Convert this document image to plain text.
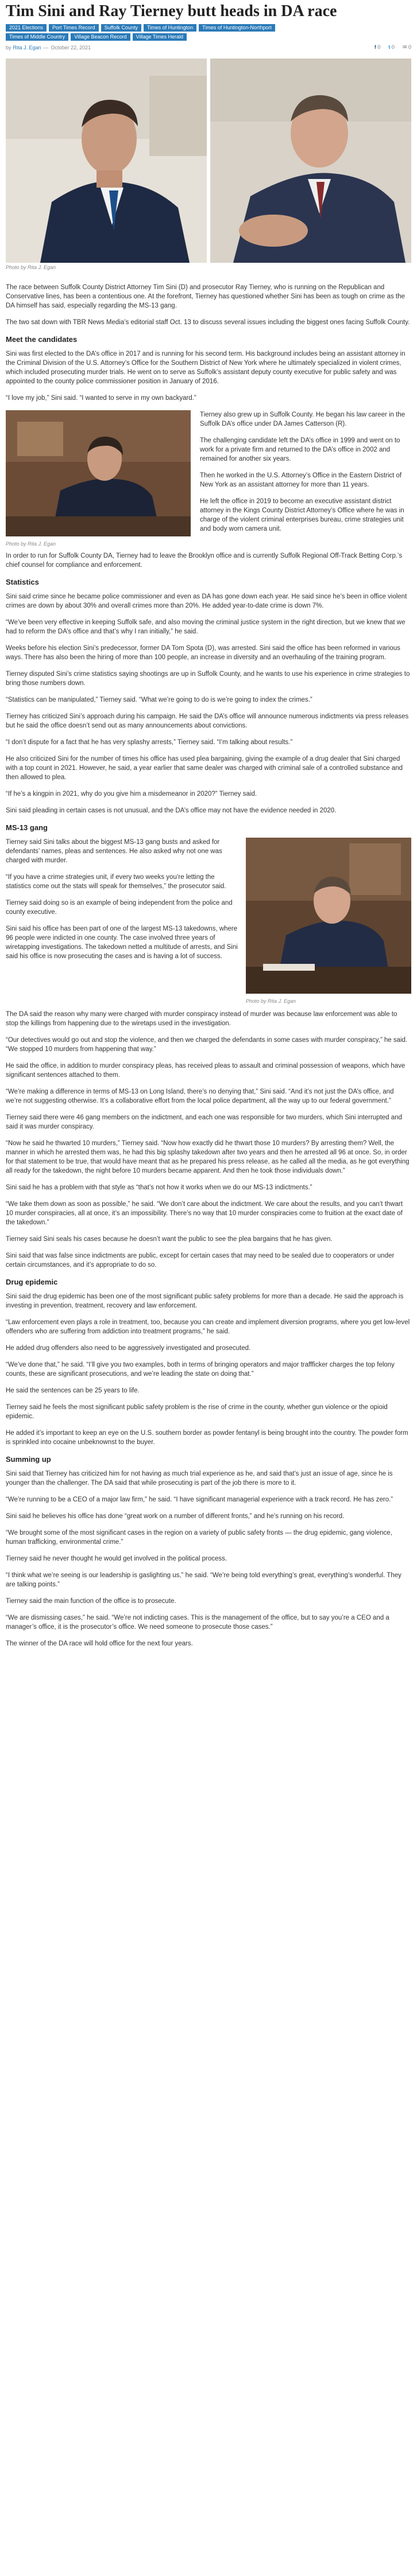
Tim Sini and Ray Tierney butt heads in DA race
2021 Elections	Port Times Record	Suffolk County	Times of Huntington	Times of Huntington-Northport
Times of Middle Country	Village Beacon Record	Village Times Herald
by Rita J. Egan — October 22, 2021	f 0 t 0 ✉ 0
Photo by Rita J. Egan

The race between Suffolk County District Attorney Tim Sini (D) and prosecutor Ray Tierney, who is running on the Republican and Conservative lines, has been a contentious one. At the forefront, Tierney has questioned whether Sini has been as tough on crime as the DA himself has said, especially regarding the MS-13 gang.

The two sat down with TBR News Media’s editorial staff Oct. 13 to discuss several issues including the biggest ones facing Suffolk County.

Meet the candidates

Sini was first elected to the DA’s office in 2017 and is running for his second term. His background includes being an assistant attorney in the Criminal Division of the U.S. Attorney’s Office for the Southern District of New York where he ultimately specialized in violent crimes, which included prosecuting murder trials. He went on to serve as Suffolk’s assistant deputy county executive for public safety and was appointed to the county police commissioner position in January of 2016.

“I love my job,” Sini said. “I wanted to serve in my own backyard.”

Photo by Rita J. Egan

Tierney also grew up in Suffolk County. He began his law career in the Suffolk DA’s office under DA James Catterson (R).

The challenging candidate left the DA’s office in 1999 and went on to work for a private firm and returned to the DA’s office in 2002 and remained for another six years.

Then he worked in the U.S. Attorney’s Office in the Eastern District of New York as an assistant attorney for more than 11 years.

He left the office in 2019 to become an executive assistant district attorney in the Kings County District Attorney’s Office where he was in charge of the violent criminal enterprises bureau, crime strategies unit and body worn camera unit.

In order to run for Suffolk County DA, Tierney had to leave the Brooklyn office and is currently Suffolk Regional Off-Track Betting Corp.’s chief counsel for compliance and enforcement.

Statistics

Sini said crime since he became police commissioner and even as DA has gone down each year. He said since he’s been in office violent crimes are down by about 30% and overall crimes more than 20%. He added year-to-date crime is down 7%.

“We’ve been very effective in keeping Suffolk safe, and also moving the criminal justice system in the right direction, but we knew that we had to reform the DA’s office and that’s why I ran initially,” he said.

Weeks before his election Sini’s predecessor, former DA Tom Spota (D), was arrested. Sini said the office has been reformed in various ways. There has also been the hiring of more than 100 people, an increase in diversity and an overhauling of the training program.

Tierney disputed Sini’s crime statistics saying shootings are up in Suffolk County, and he wants to use his experience in crime strategies to bring those numbers down.

“Statistics can be manipulated,” Tierney said. “What we’re going to do is we’re going to index the crimes.”

Tierney has criticized Sini’s approach during his campaign. He said the DA’s office will announce numerous indictments via press releases but he said the office doesn’t send out as many announcements about convictions.

“I don’t dispute for a fact that he has very splashy arrests,” Tierney said. “I’m talking about results.”

He also criticized Sini for the number of times his office has used plea bargaining, giving the example of a drug dealer that Sini charged with a top count in 2021. However, he said, a year earlier that same dealer was charged with criminal sale of a controlled substance and then allowed to plea.

“If he’s a kingpin in 2021, why do you give him a misdemeanor in 2020?” Tierney said.

Sini said pleading in certain cases is not unusual, and the DA’s office may not have the evidence needed in 2020.

MS-13 gang
Photo by Rita J. Egan

Tierney said Sini talks about the biggest MS-13 gang busts and asked for defendants’ names, pleas and sentences. He also asked why not one was charged with murder.

“If you have a crime strategies unit, if every two weeks you’re letting the statistics come out the stats will speak for themselves,” the prosecutor said.

Tierney said doing so is an example of being independent from the police and county executive.

Sini said his office has been part of one of the largest MS-13 takedowns, where 96 people were indicted in one county. The case involved three years of wiretapping investigations. The takedown netted a multitude of arrests, and Sini said his office is now prosecuting the cases and is having a lot of success.

The DA said the reason why many were charged with murder conspiracy instead of murder was because law enforcement was able to stop the killings from happening due to the wiretaps used in the investigation.

“Our detectives would go out and stop the violence, and then we charged the defendants in some cases with murder conspiracy,” he said. “We stopped 10 murders from happening that way.”

He said the office, in addition to murder conspiracy pleas, has received pleas to assault and criminal possession of weapons, which have significant sentences attached to them.

“We’re making a difference in terms of MS-13 on Long Island, there’s no denying that,” Sini said. “And it’s not just the DA’s office, and we’re not suggesting otherwise. It’s a collaborative effort from the local police department, all the way up to our federal government.”

Tierney said there were 46 gang members on the indictment, and each one was responsible for two murders, which Sini interrupted and said it was murder conspiracy.

“Now he said he thwarted 10 murders,” Tierney said. “Now how exactly did he thwart those 10 murders? By arresting them? Well, the manner in which he arrested them was, he had this big splashy takedown after two years and then he arrested all 96 at once. So, in order for that statement to be true, that would have meant that as he prepared his press release, as he called all the media, as he got everything all ready for the takedown, the night before 10 murders became apparent. And then he took those individuals down.”

Sini said he has a problem with that style as “that’s not how it works when we do our MS-13 indictments.”

“We take them down as soon as possible,” he said. “We don’t care about the indictment. We care about the results, and you can’t thwart 10 murder conspiracies, all at once, it’s an impossibility. There’s no way that 10 murder conspiracies come to fruition at the exact date of the takedown.”

Tierney said Sini seals his cases because he doesn’t want the public to see the plea bargains that he has given.

Sini said that was false since indictments are public, except for certain cases that may need to be sealed due to cooperators or under certain circumstances, and it’s appropriate to do so.

Drug epidemic

Sini said the drug epidemic has been one of the most significant public safety problems for more than a decade. He said the approach is investing in prevention, treatment, recovery and law enforcement.

“Law enforcement even plays a role in treatment, too, because you can create and implement diversion programs, where you get low-level offenders who are suffering from addiction into treatment programs,” he said.

He added drug offenders also need to be aggressively investigated and prosecuted.

“We’ve done that,” he said. “I’ll give you two examples, both in terms of bringing operators and major traffficker charges the top felony counts, these are significant prosecutions, and we’re leading the state on doing that.”

He said the sentences can be 25 years to life.

Tierney said he feels the most significant public safety problem is the rise of crime in the county, whether gun violence or the opioid epidemic.

He added it’s important to keep an eye on the U.S. southern border as powder fentanyl is being brought into the country. The powder form is sprinkled into cocaine unbeknownst to the buyer.

Summing up

Sini said that Tierney has criticized him for not having as much trial experience as he, and said that’s just an issue of age, since he is younger than the challenger. The DA said that while prosecuting is part of the job there is more to it.

“We’re running to be a CEO of a major law firm,” he said. “I have significant managerial experience with a track record. He has zero.”

Sini said he believes his office has done “great work on a number of different fronts,” and he’s running on his record.

“We brought some of the most significant cases in the region on a variety of public safety fronts — the drug epidemic, gang violence, human trafficking, environmental crime.”

Tierney said he never thought he would get involved in the political process.

“I think what we’re seeing is our leadership is gaslighting us,” he said. “We’re being told everything’s great, everything’s wonderful. They are talking points.”

Tierney said the main function of the office is to prosecute.

“We are dismissing cases,” he said. “We’re not indicting cases. This is the management of the office, but to say you’re a CEO and a manager’s office, it is the prosecutor’s office. We need someone to prosecute those cases.”

The winner of the DA race will hold office for the next four years.
